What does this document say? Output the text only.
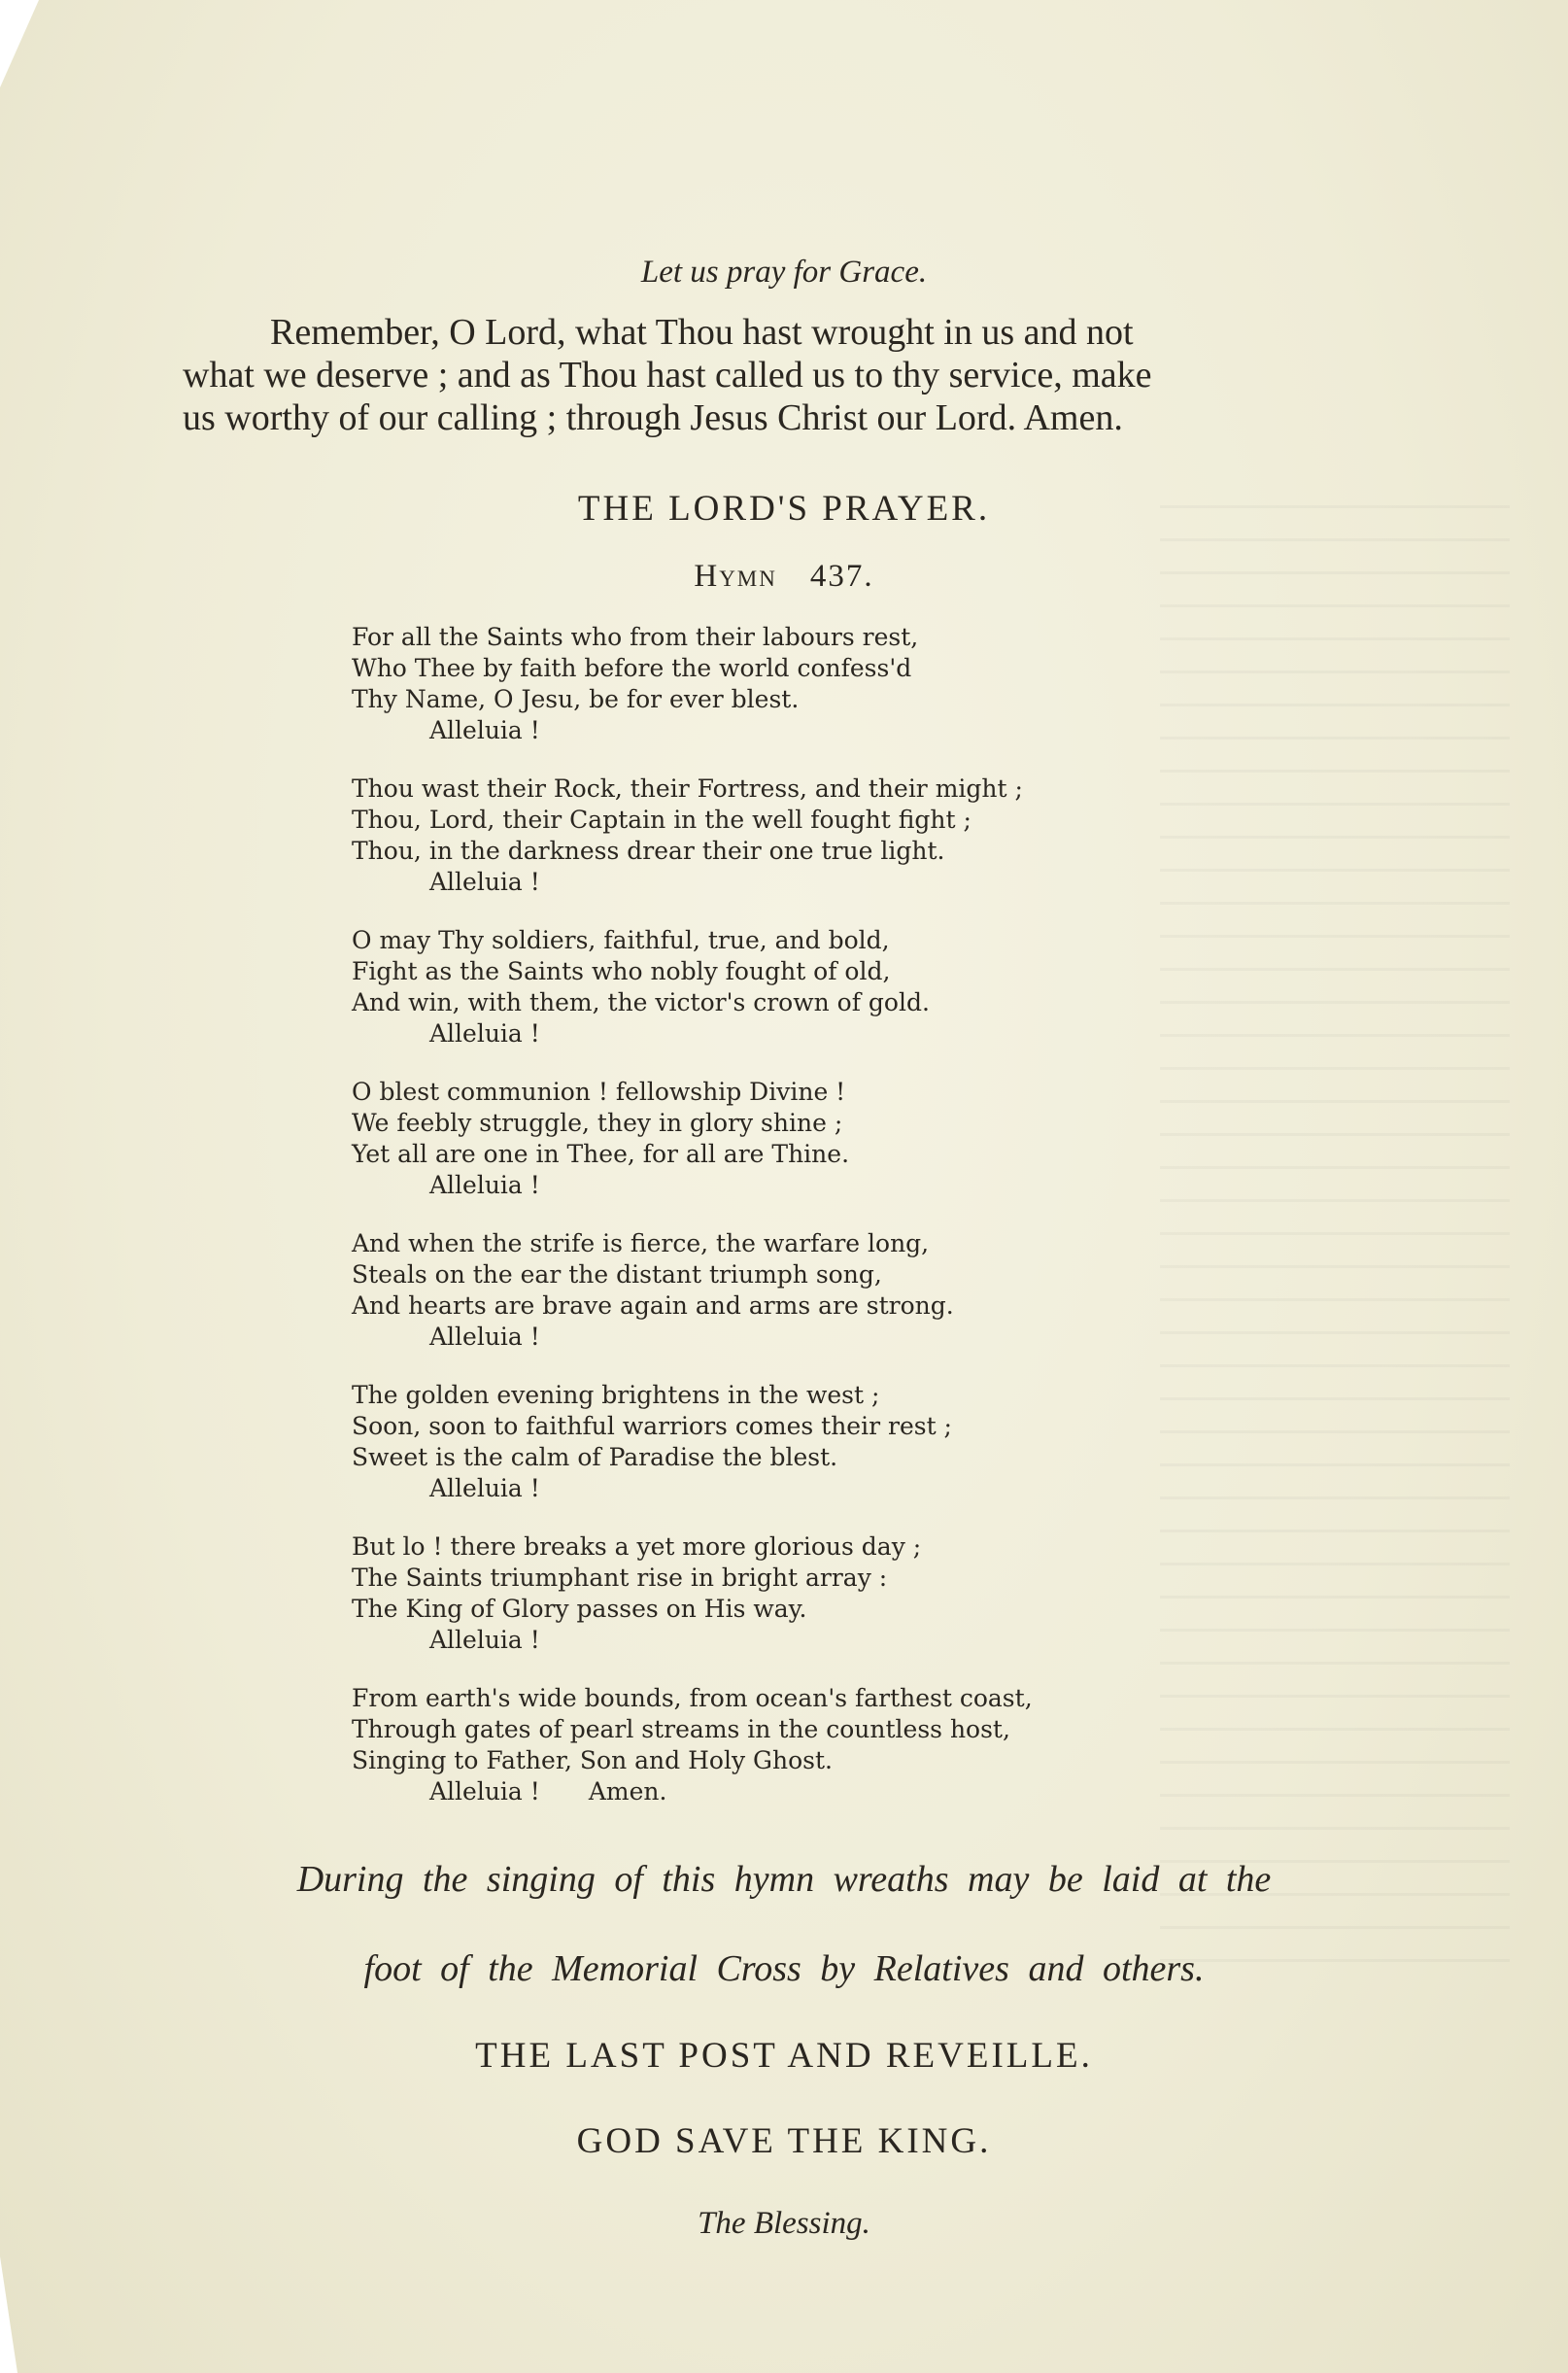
Let us pray for Grace.

Remember, O Lord, what Thou hast wrought in us and not
what we deserve ; and as Thou hast called us to thy service, make
us worthy of our calling ; through Jesus Christ our Lord. Amen.

THE LORD'S PRAYER.

Hymn 437.

For all the Saints who from their labours rest,
Who Thee by faith before the world confess'd
Thy Name, O Jesu, be for ever blest.
Alleluia !
Thou wast their Rock, their Fortress, and their might ;
Thou, Lord, their Captain in the well fought fight ;
Thou, in the darkness drear their one true light.
Alleluia !
O may Thy soldiers, faithful, true, and bold,
Fight as the Saints who nobly fought of old,
And win, with them, the victor's crown of gold.
Alleluia !
O blest communion ! fellowship Divine !
We feebly struggle, they in glory shine ;
Yet all are one in Thee, for all are Thine.
Alleluia !
And when the strife is fierce, the warfare long,
Steals on the ear the distant triumph song,
And hearts are brave again and arms are strong.
Alleluia !
The golden evening brightens in the west ;
Soon, soon to faithful warriors comes their rest ;
Sweet is the calm of Paradise the blest.
Alleluia !
But lo ! there breaks a yet more glorious day ;
The Saints triumphant rise in bright array :
The King of Glory passes on His way.
Alleluia !
From earth's wide bounds, from ocean's farthest coast,
Through gates of pearl streams in the countless host,
Singing to Father, Son and Holy Ghost.
Alleluia ! Amen.

During the singing of this hymn wreaths may be laid at the

foot of the Memorial Cross by Relatives and others.

THE LAST POST AND REVEILLE.

GOD SAVE THE KING.

The Blessing.
